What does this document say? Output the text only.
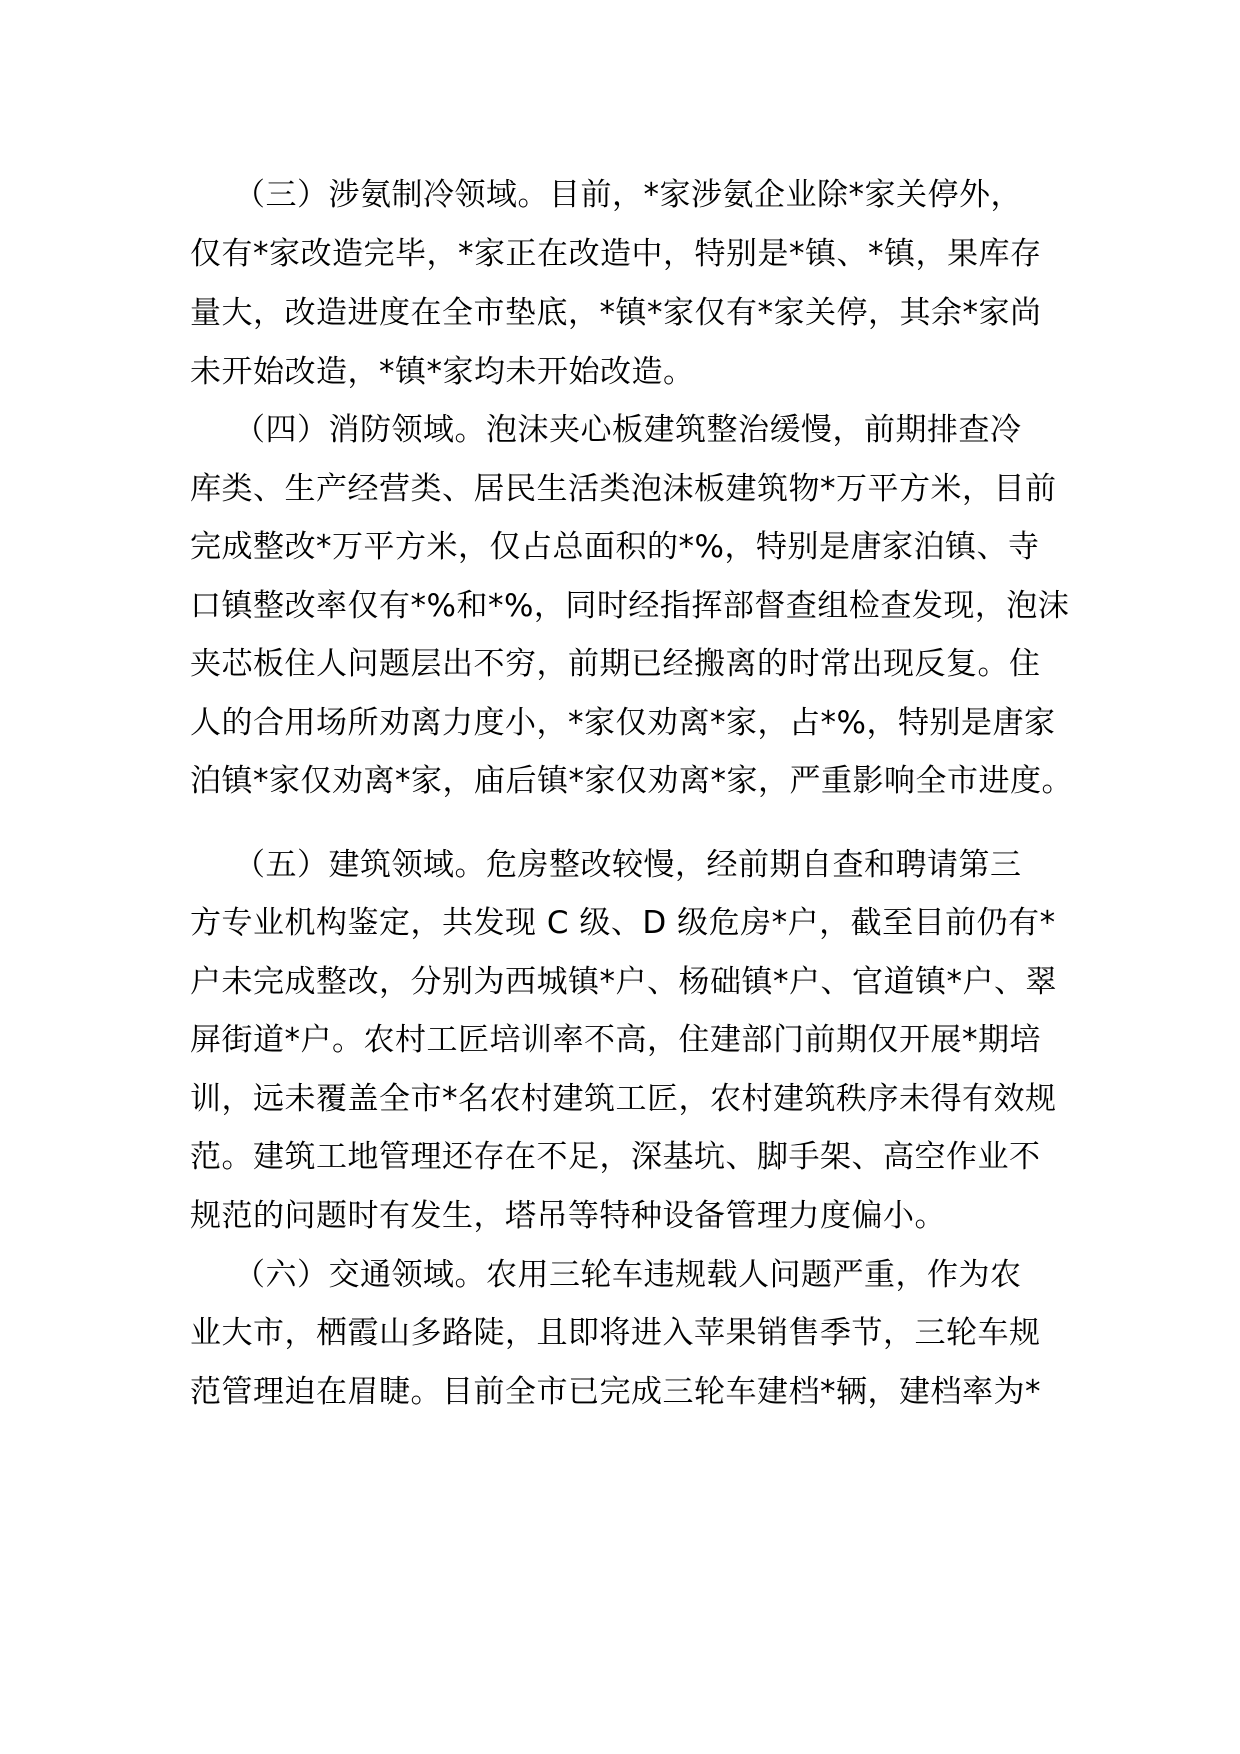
（三）涉氨制冷领域。目前，*家涉氨企业除*家关停外，

仅有*家改造完毕，*家正在改造中，特别是*镇、*镇，果库存

量大，改造进度在全市垫底，*镇*家仅有*家关停，其余*家尚

未开始改造，*镇*家均未开始改造。

（四）消防领域。泡沫夹心板建筑整治缓慢，前期排查冷

库类、生产经营类、居民生活类泡沫板建筑物*万平方米，目前

完成整改*万平方米，仅占总面积的*%，特别是唐家泊镇、寺

口镇整改率仅有*%和*%，同时经指挥部督查组检查发现，泡沫

夹芯板住人问题层出不穷，前期已经搬离的时常出现反复。住

人的合用场所劝离力度小，*家仅劝离*家，占*%，特别是唐家

泊镇*家仅劝离*家，庙后镇*家仅劝离*家，严重影响全市进度。

（五）建筑领域。危房整改较慢，经前期自查和聘请第三

方专业机构鉴定，共发现 C 级、D 级危房*户，截至目前仍有*

户未完成整改，分别为西城镇*户、杨础镇*户、官道镇*户、翠

屏街道*户。农村工匠培训率不高，住建部门前期仅开展*期培

训，远未覆盖全市*名农村建筑工匠，农村建筑秩序未得有效规

范。建筑工地管理还存在不足，深基坑、脚手架、高空作业不

规范的问题时有发生，塔吊等特种设备管理力度偏小。

（六）交通领域。农用三轮车违规载人问题严重，作为农

业大市，栖霞山多路陡，且即将进入苹果销售季节，三轮车规

范管理迫在眉睫。目前全市已完成三轮车建档*辆，建档率为*
